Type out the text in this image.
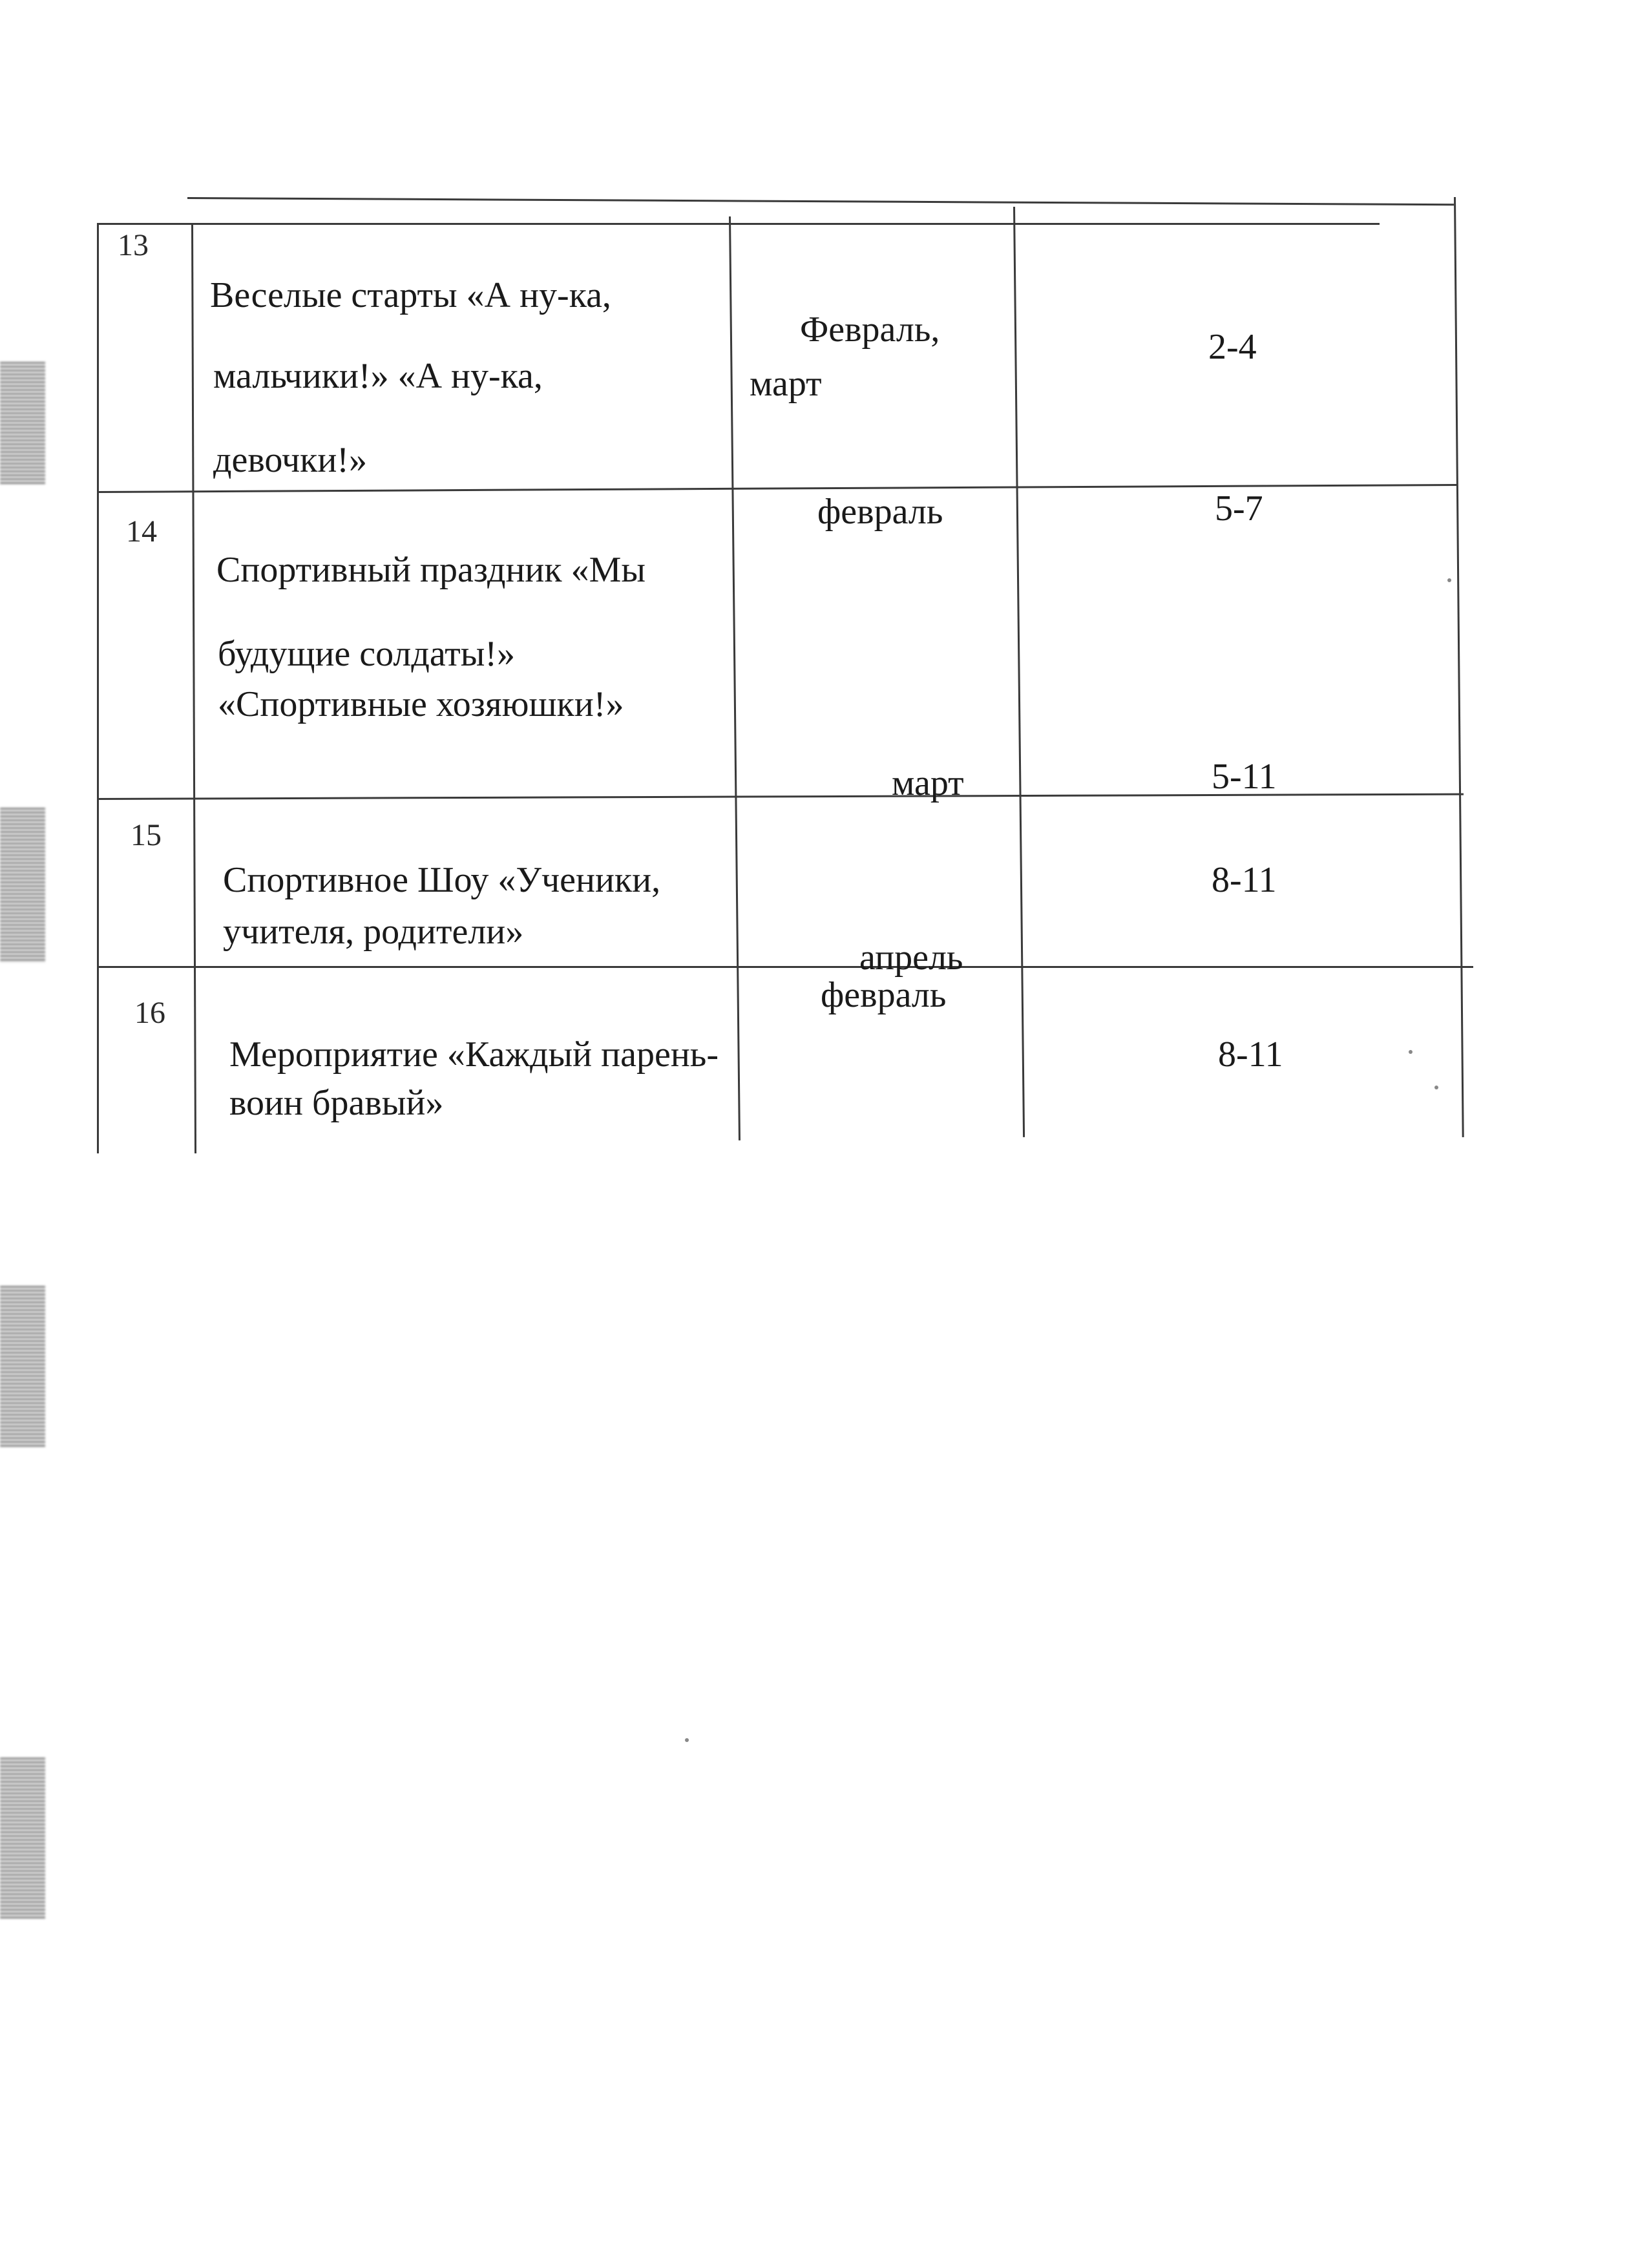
13
Веселые старты «А ну-ка,
мальчики!» «А ну-ка,
девочки!»
Февраль,
март
2-4
14
Спортивный праздник «Мы
будущие солдаты!»
«Спортивные хозяюшки!»
февраль
март
5-7
5-11
15
Спортивное Шоу «Ученики,
учителя, родители»
апрель
8-11
16
Мероприятие «Каждый парень-
воин бравый»
февраль
8-11
